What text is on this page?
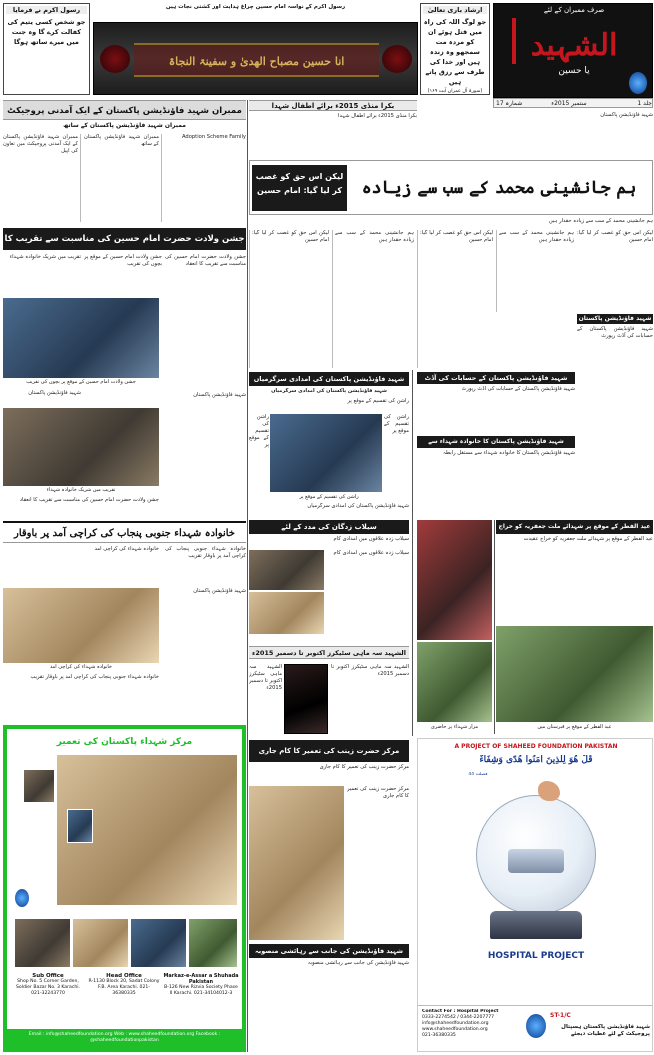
صرف ممبران کے لئے
الشہید
یا حسین
جلد 1
ستمبر 2015ء
شمارہ 17
ارشاد باری تعالیٰ
جو لوگ اللہ کی راہ میں قتل ہوئے ان کو مردہ مت سمجھو وہ زندہ ہیں اور خدا کی طرف سے رزق پاتے ہیں
(سورۃ آل عمران آیت ۱۶۹)
رسول اکرم کے نواسہ امام حسین چراغ ہدایت اور کشتی نجات ہیں
انا حسین مصباح الھدیٰ و سفینۃ النجاۃ
رسول اکرم نے فرمایا
جو شخص کسی یتیم کی کفالت کرے گا وہ جنت میں میرے ساتھ ہوگا
ہم جانشینی محمد کے سب سے زیادہ
لیکن اس حق کو غصب کر لیا گیا: امام حسین
بکرا منڈی 2015ء برائے اطفال شہدا
بکرا منڈی 2015ء برائے اطفال شہدا	شہید فاؤنڈیشن پاکستان
ممبران شہید فاؤنڈیشن پاکستان کے ایک آمدنی پروجیکٹ
ممبران شہید فاؤنڈیشن پاکستان کے ساتھ
ممبران شہید فاؤنڈیشن پاکستان کے ایک آمدنی پروجیکٹ میں تعاون کی اپیل
ممبران شہید فاؤنڈیشن پاکستان کے ساتھ
Adoption Scheme Family
جشن ولادت حضرت امام حسین کی مناسبت سے تقریب کا
جشن ولادت حضرت امام حسین کی مناسبت سے تقریب کا انعقاد
جشن ولادت امام حسین کے موقع پر بچوں کی تقریب
تقریب میں شریک خانوادہ شہداء
جشن ولادت امام حسین کے موقع پر بچوں کی تقریب
شہید فاؤنڈیشن پاکستان
تقریب میں شریک خانوادہ شہداء
شہید فاؤنڈیشن پاکستان
جشن ولادت حضرت امام حسین کی مناسبت سے تقریب کا انعقاد
خانوادہ شہداء جنوبی پنجاب کی کراچی آمد پر باوقار
خانوادہ شہداء جنوبی پنجاب کی کراچی آمد پر باوقار تقریب
خانوادہ شہداء کی کراچی آمد
خانوادہ شہداء کی کراچی آمد
شہید فاؤنڈیشن پاکستان
خانوادہ شہداء جنوبی پنجاب کی کراچی آمد پر باوقار تقریب
مرکز شہداء پاکستان کی تعمیر
Sub Office
Shop No. 5 Corner Garden, Soldier Bazar No. 3 Karachi. 021-32243770
Head Office
R-1130 Block 20, Sadat Colony F.B. Area Karachi. 021-36380335
Markaz-e-Assar a Shuhada Pakistan
B-126 New Rizvia Society Phase II Karachi. 021-34104012-3
Email : info@shaheedfoundation.org Web : www.shaheedfoundation.org Facebook : @shaheedfoundationpakistan
ہم جانشینی محمد کے سب سے زیادہ حقدار ہیں
لیکن اس حق کو غصب کر لیا گیا: امام حسین
ہم جانشینی محمد کے سب سے زیادہ حقدار ہیں
لیکن اس حق کو غصب کر لیا گیا: امام حسین
ہم جانشینی محمد کے سب سے زیادہ حقدار ہیں
لیکن اس حق کو غصب کر لیا گیا: امام حسین
شہید فاؤنڈیشن پاکستان
شہید فاؤنڈیشن پاکستان کے حسابات کی آڈٹ رپورٹ
شہید فاؤنڈیشن پاکستان کی امدادی سرگرمیاں
شہید فاؤنڈیشن پاکستان کی امدادی سرگرمیاں
راشن کی تقسیم کے موقع پر
راشن کی تقسیم کے موقع پر
راشن کی تقسیم کے موقع پر
راشن کی تقسیم کے موقع پر
شہید فاؤنڈیشن پاکستان کی امدادی سرگرمیاں
شہید فاؤنڈیشن پاکستان کے حسابات کی آڈٹ
شہید فاؤنڈیشن پاکستان کے حسابات کی آڈٹ رپورٹ
شہید فاؤنڈیشن پاکستان کا خانوادہ شہداء سے
شہید فاؤنڈیشن پاکستان کا خانوادہ شہداء سے مستقل رابطہ
سیلاب زدگان کی مدد کے لئے
سیلاب زدہ علاقوں میں امدادی کام
سیلاب زدہ علاقوں میں امدادی کام
الشہید سہ ماہی سٹیکرز اکتوبر تا دسمبر 2015ء
الشہید سہ ماہی سٹیکرز اکتوبر تا دسمبر 2015ء
الشہید سہ ماہی سٹیکرز اکتوبر تا دسمبر 2015ء
مزار شہداء پر حاضری
عید الفطر کے موقع پر شہدائے ملت جعفریہ کو خراج
عید الفطر کے موقع پر شہدائے ملت جعفریہ کو خراج عقیدت
عید الفطر کے موقع پر قبرستان میں
مرکز حضرت زینب کی تعمیر کا کام جاری
مرکز حضرت زینب کی تعمیر کا کام جاری
مرکز حضرت زینب کی تعمیر کا کام جاری
شہید فاؤنڈیشن کی جانب سے رہائشی منصوبہ
شہید فاؤنڈیشن کی جانب سے رہائشی منصوبہ
A PROJECT OF SHAHEED FOUNDATION PAKISTAN
قُلْ هُوَ لِلَّذِينَ آمَنُوا هُدًى وَشِفَاءٌ
فصلت 44
HOSPITAL PROJECT
Contact For : Hospital Project
0333-2274542 / 0344-2207777
info@shaheedfoundation.org
www.shaheedfoundation.org
021-36380335
ST-1/C
شہید فاؤنڈیشن پاکستان ہسپتال پروجیکٹ کے لئے عطیات دیجئے
